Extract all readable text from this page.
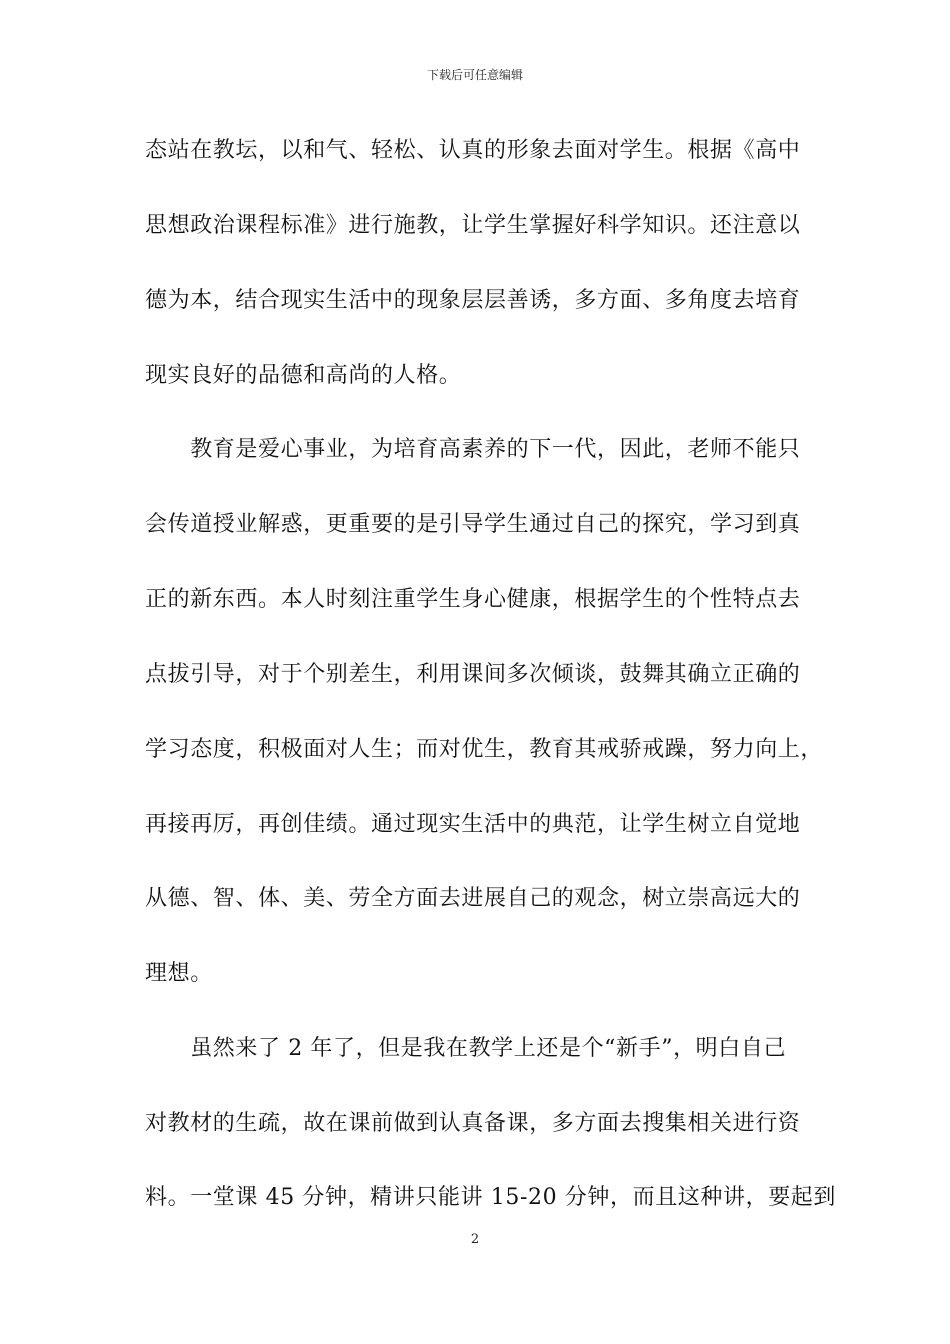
下载后可任意编辑
态站在教坛，以和气、轻松、认真的形象去面对学生。根据《高中
思想政治课程标准》进行施教，让学生掌握好科学知识。还注意以
德为本，结合现实生活中的现象层层善诱，多方面、多角度去培育
现实良好的品德和高尚的人格。
　　教育是爱心事业，为培育高素养的下一代，因此，老师不能只
会传道授业解惑，更重要的是引导学生通过自己的探究，学习到真
正的新东西。本人时刻注重学生身心健康，根据学生的个性特点去
点拔引导，对于个别差生，利用课间多次倾谈，鼓舞其确立正确的
学习态度，积极面对人生；而对优生，教育其戒骄戒躁，努力向上，
再接再厉，再创佳绩。通过现实生活中的典范，让学生树立自觉地
从德、智、体、美、劳全方面去进展自己的观念，树立崇高远大的
理想。
　　虽然来了 2 年了，但是我在教学上还是个“新手”，明白自己
对教材的生疏，故在课前做到认真备课，多方面去搜集相关进行资
料。一堂课 45 分钟，精讲只能讲 15-20 分钟，而且这种讲，要起到
2
